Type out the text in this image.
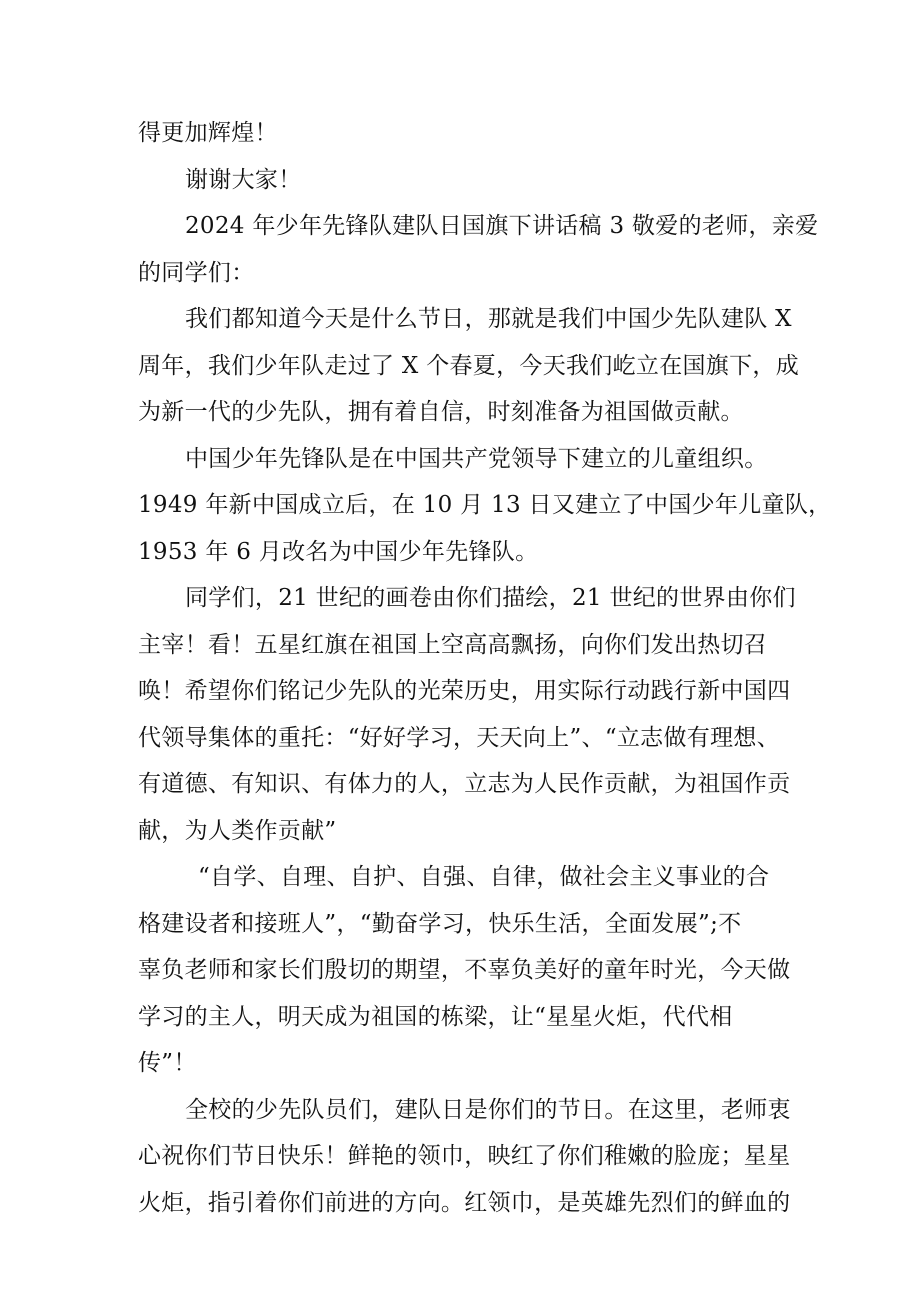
得更加辉煌！

谢谢大家！

2024 年少年先锋队建队日国旗下讲话稿 3 敬爱的老师，亲爱
的同学们：

我们都知道今天是什么节日，那就是我们中国少先队建队 X
周年，我们少年队走过了 X 个春夏，今天我们屹立在国旗下，成
为新一代的少先队，拥有着自信，时刻准备为祖国做贡献。

中国少年先锋队是在中国共产党领导下建立的儿童组织。
1949 年新中国成立后，在 10 月 13 日又建立了中国少年儿童队，
1953 年 6 月改名为中国少年先锋队。

同学们，21 世纪的画卷由你们描绘，21 世纪的世界由你们
主宰！看！五星红旗在祖国上空高高飘扬，向你们发出热切召
唤！希望你们铭记少先队的光荣历史，用实际行动践行新中国四
代领导集体的重托：“好好学习，天天向上”、“立志做有理想、
有道德、有知识、有体力的人，立志为人民作贡献，为祖国作贡
献，为人类作贡献”

“自学、自理、自护、自强、自律，做社会主义事业的合
格建设者和接班人”，“勤奋学习，快乐生活，全面发展”;不
辜负老师和家长们殷切的期望，不辜负美好的童年时光，今天做
学习的主人，明天成为祖国的栋梁，让“星星火炬，代代相
传”！

全校的少先队员们，建队日是你们的节日。在这里，老师衷
心祝你们节日快乐！鲜艳的领巾，映红了你们稚嫩的脸庞；星星
火炬，指引着你们前进的方向。红领巾，是英雄先烈们的鲜血的
